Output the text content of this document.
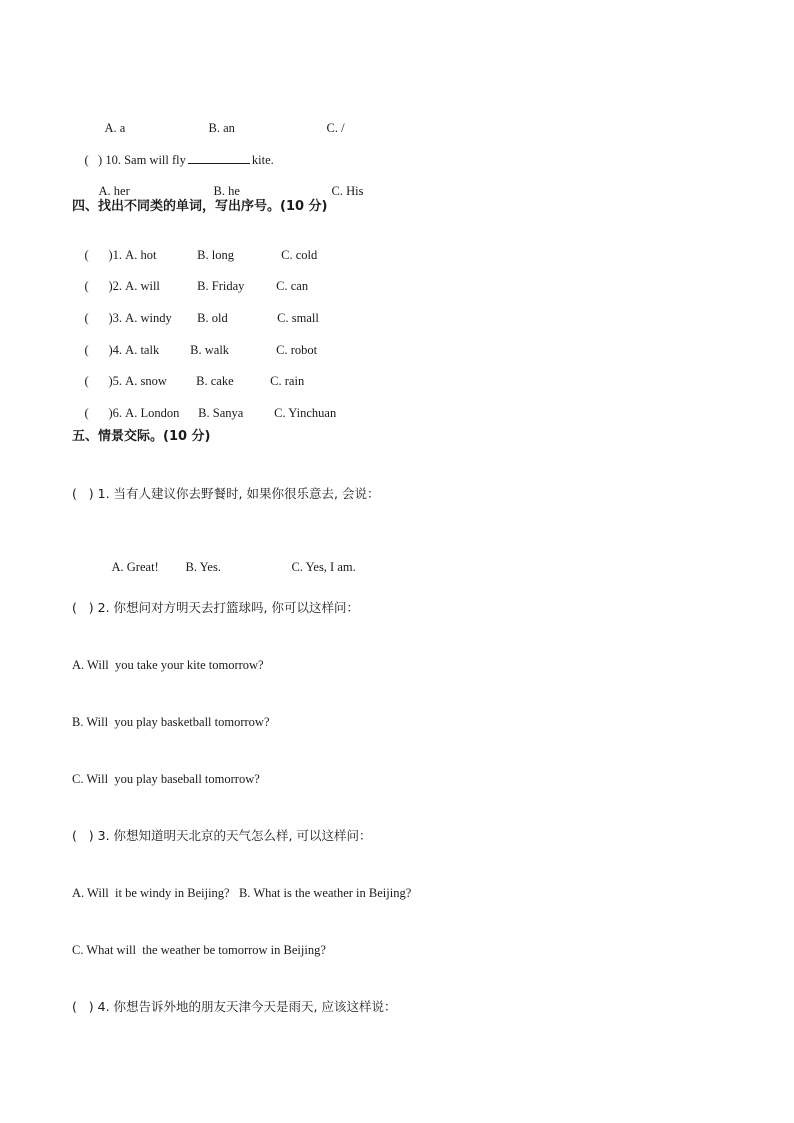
A. a	B. an	C. /

(   ) 10. Sam will fly	kite.

A. her	B. he	C. His

四、找出不同类的单词，写出序号。(10 分)

( )1. A. hot	B. long	C. cold

( )2. A. will	B. Friday	C. can

( )3. A. windy B. old	C. small

( )4. A. talk B. walk	C. robot

( )5. A. snow B. cake	C. rain

( )6. A. London B. Sanya C. Yinchuan

五、情景交际。(10 分)
(   ) 1. 当有人建议你去野餐时, 如果你很乐意去, 会说：

A. Great! B. Yes.	C. Yes, I am.

(   ) 2. 你想问对方明天去打篮球吗, 你可以这样问：
A. Will  you take your kite tomorrow?
B. Will  you play basketball tomorrow?
C. Will  you play baseball tomorrow?
(   ) 3. 你想知道明天北京的天气怎么样, 可以这样问：
A. Will  it be windy in Beijing?   B. What is the weather in Beijing?
C. What will  the weather be tomorrow in Beijing?
(   ) 4. 你想告诉外地的朋友天津今天是雨天, 应该这样说：
